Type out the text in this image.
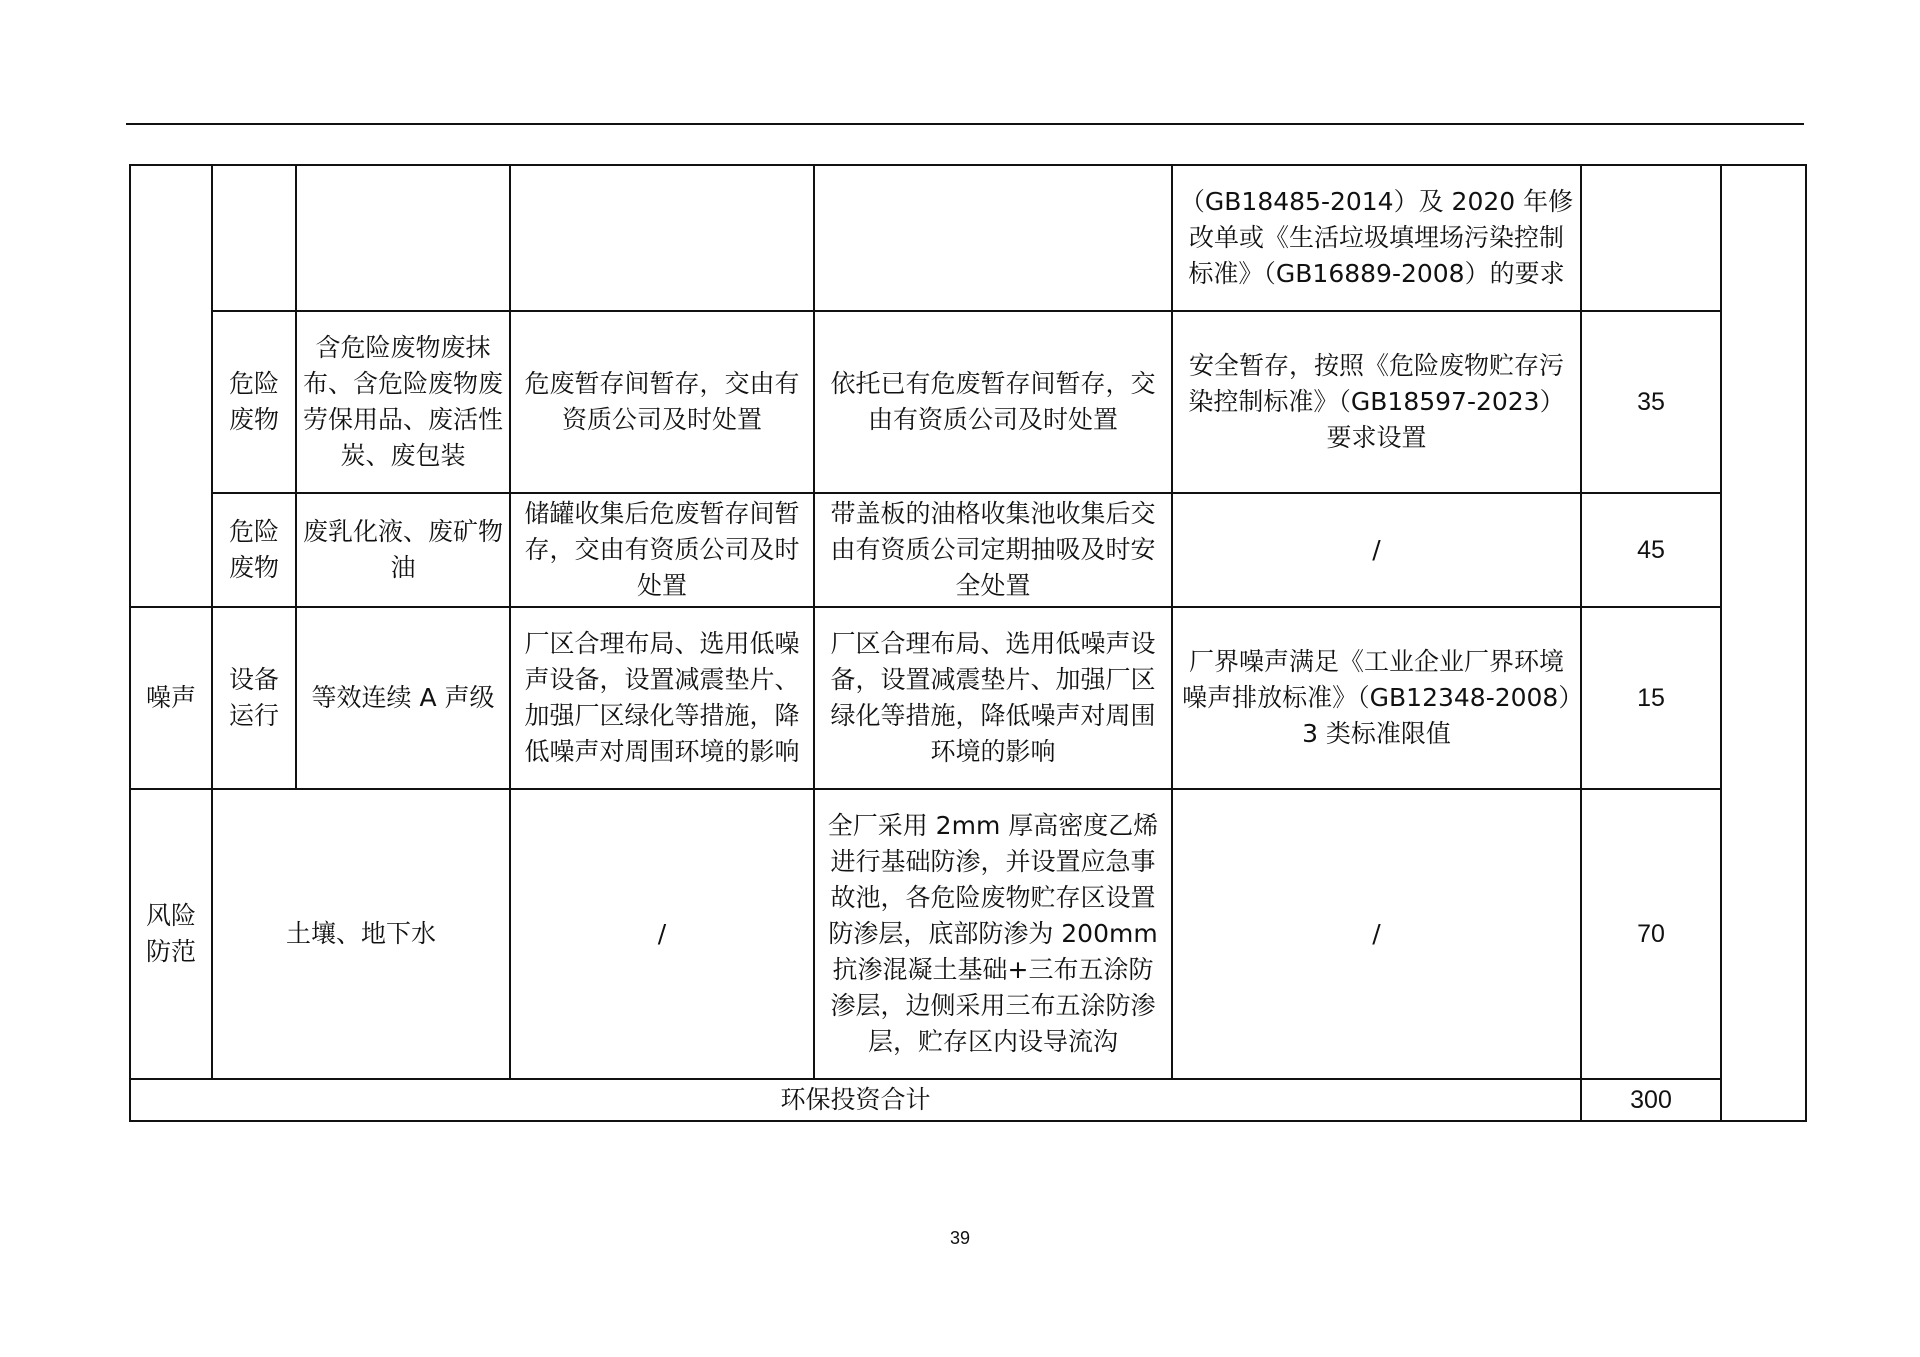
					（GB18485-2014）及 2020 年修改单或《生活垃圾填埋场污染控制标准》（GB16889-2008）的要求		
	危险废物	含危险废物废抹布、含危险废物废劳保用品、废活性炭、废包装	危废暂存间暂存，交由有资质公司及时处置	依托已有危废暂存间暂存，交由有资质公司及时处置	安全暂存，按照《危险废物贮存污染控制标准》（GB18597-2023）要求设置	35	
	危险废物	废乳化液、废矿物油	储罐收集后危废暂存间暂存，交由有资质公司及时处置	带盖板的油格收集池收集后交由有资质公司定期抽吸及时安全处置	/	45	
噪声	设备运行	等效连续 A 声级	厂区合理布局、选用低噪声设备，设置减震垫片、加强厂区绿化等措施，降低噪声对周围环境的影响	厂区合理布局、选用低噪声设备，设置减震垫片、加强厂区绿化等措施，降低噪声对周围环境的影响	厂界噪声满足《工业企业厂界环境噪声排放标准》（GB12348-2008）3 类标准限值	15	
风险防范	土壤、地下水		/	全厂采用 2mm 厚高密度乙烯进行基础防渗，并设置应急事故池，各危险废物贮存区设置防渗层，底部防渗为 200mm 抗渗混凝土基础+三布五涂防渗层，边侧采用三布五涂防渗层，贮存区内设导流沟	/	70	
环保投资合计						300	
39
